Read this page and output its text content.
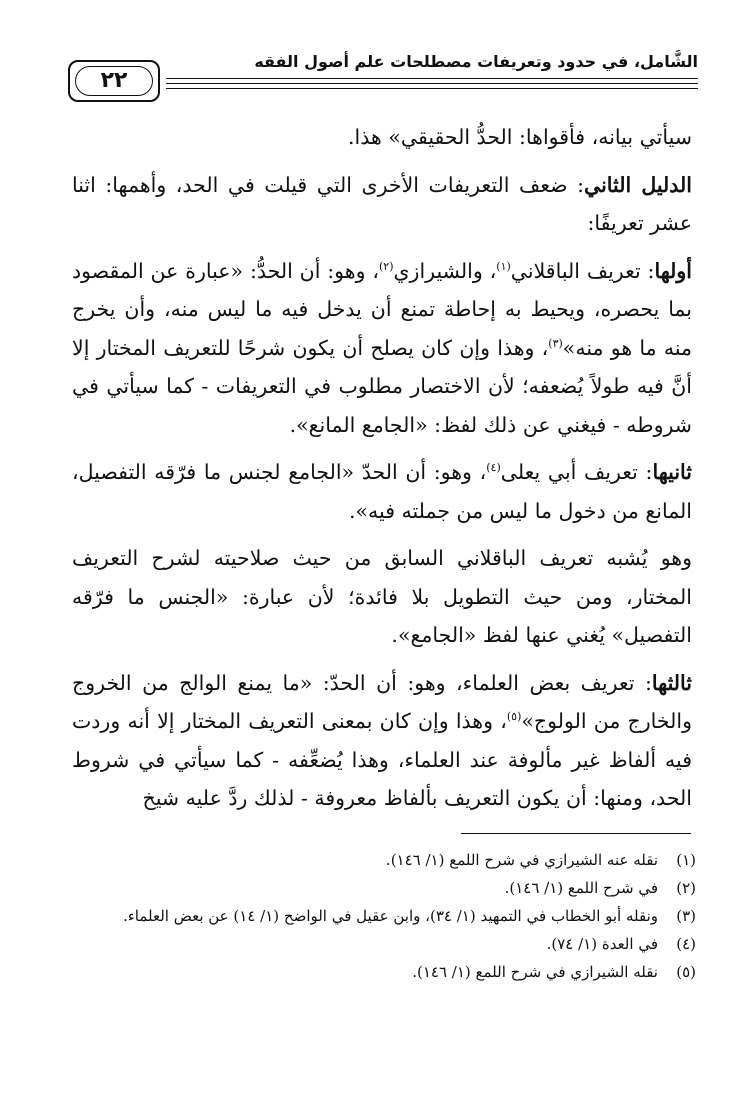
الشَّامل، في حدود وتعريفات مصطلحات علم أصول الفقه
٢٢

سيأتي بيانه، فأقواها: الحدُّ الحقيقي» هذا.

الدليل الثاني: ضعف التعريفات الأخرى التي قيلت في الحد، وأهمها: اثنا عشر تعريفًا:

أولها: تعريف الباقلاني$^{(١)}$، والشيرازي$^{(٢)}$، وهو: أن الحدُّ: «عبارة عن المقصود بما يحصره، ويحيط به إحاطة تمنع أن يدخل فيه ما ليس منه، وأن يخرج منه ما هو منه»$^{(٣)}$، وهذا وإن كان يصلح أن يكون شرحًا للتعريف المختار إلا أنَّ فيه طولاً يُضعفه؛ لأن الاختصار مطلوب في التعريفات - كما سيأتي في شروطه - فيغني عن ذلك لفظ: «الجامع المانع».

ثانيها: تعريف أبي يعلى$^{(٤)}$، وهو: أن الحدّ «الجامع لجنس ما فرّقه التفصيل، المانع من دخول ما ليس من جملته فيه».

وهو يُشبه تعريف الباقلاني السابق من حيث صلاحيته لشرح التعريف المختار، ومن حيث التطويل بلا فائدة؛ لأن عبارة: «الجنس ما فرّقه التفصيل» يُغني عنها لفظ «الجامع».

ثالثها: تعريف بعض العلماء، وهو: أن الحدّ: «ما يمنع الوالج من الخروج والخارج من الولوج»$^{(٥)}$، وهذا وإن كان بمعنى التعريف المختار إلا أنه وردت فيه ألفاظ غير مألوفة عند العلماء، وهذا يُضعِّفه - كما سيأتي في شروط الحد، ومنها: أن يكون التعريف بألفاظ معروفة - لذلك ردَّ عليه شيخ

(١)
نقله عنه الشيرازي في شرح اللمع (١/ ١٤٦).
(٢)
في شرح اللمع (١/ ١٤٦).
(٣)
ونقله أبو الخطاب في التمهيد (١/ ٣٤)، وابن عقيل في الواضح (١/ ١٤) عن بعض العلماء.
(٤)
في العدة (١/ ٧٤).
(٥)
نقله الشيرازي في شرح اللمع (١/ ١٤٦).
